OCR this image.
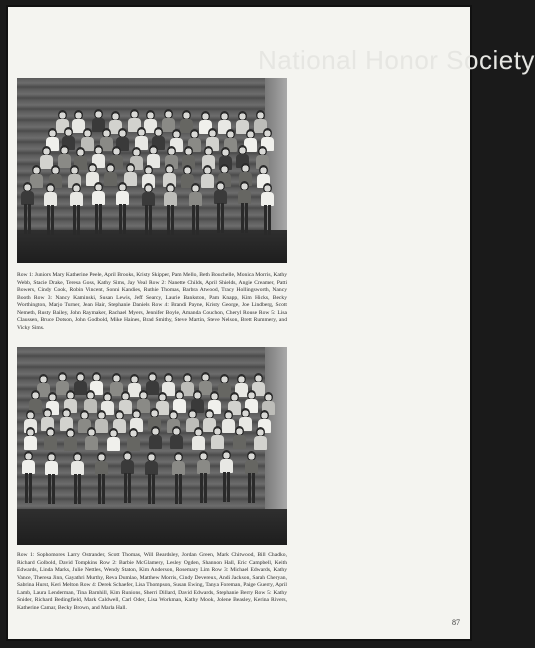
National Honor Society
Row 1: Juniors Mary Katherine Peele, April Brooks, Kristy Skipper, Pam Mello, Beth Bouchelle, Monica Morris, Kathy Webb, Stacie Drake, Teresa Goss, Kathy Sims, Jay Veal Row 2: Nanette Childs, April Shields, Angie Creamer, Patti Bowers, Cindy Cook, Robin Vincent, Sonni Kandies, Ruthie Thomas, Barbra Atwood, Tracy Hollingsworth, Nancy Booth Row 3: Nancy Kaminski, Susan Lewis, Jeff Searcy, Laurie Bankston, Pam Knapp, Kim Hicks, Becky Worthington, Marjo Turner, Jean Hair, Stephanie Daniels Row 4: Brandi Payne, Kristy George, Joe Lindberg, Scott Nemeth, Rusty Bailey, John Raymaker, Rachael Myers, Jennifer Boyle, Amanda Couchon, Cheryl Rouse Row 5: Lisa Claussen, Bruce Dotson, John Godbold, Mike Haines, Brad Smithy, Steve Martin, Steve Nelson, Brett Rummery, and Vicky Sims.
Row 1: Sophomores Larry Ostrander, Scott Thomas, Will Beardsley, Jordan Green, Mark Chitwood, Bill Chadko, Richard Golbold, David Tompkins Row 2: Barbie McGlamery, Lesley Ogden, Shannon Hall, Eric Campbell, Keith Edwards, Linda Marks, Julie Nettles, Wendy Staton, Kim Anderson, Rosemary Lim Row 3: Michael Edwards, Kathy Vance, Theresa Jinn, Gayathri Murthy, Reva Dumlao, Matthew Morris, Cindy Devereux, Andi Jackson, Sarah Cheryan, Sabrina Hurst, Keri Melton Row 4: Derek Schaefer, Lisa Thompson, Susan Ewing, Tanya Foreman, Paige Guerry, April Lamb, Laura Lenderman, Tina Barnhill, Kim Runions, Sherri Dillard, David Edwards, Stephanie Berry Row 5: Kathy Snider, Richard Bedingfield, Mark Caldwell, Carl Oder, Lisa Workman, Kathy Mook, Jolene Beasley, Kerina Rivers, Katherine Camar, Becky Brown, and Marla Hall.
87
